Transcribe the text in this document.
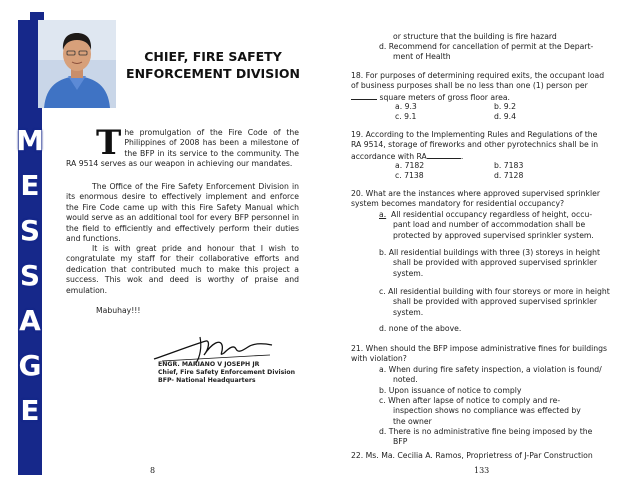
M
E
S
S
A
G
E
CHIEF, FIRE SAFETY
ENFORCEMENT DIVISION
T he promulgation of the Fire Code of the Philippines of 2008 has been a milestone of the BFP in its service to the community. The RA 9514 serves as our weapon in achieving our mandates.
The Office of the Fire Safety Enforcement Division in its enormous desire to effectively implement and enforce the Fire Code came up with this Fire Safety Manual which would serve as an additional tool for every BFP personnel in the field to efficiently and effectively perform their duties and functions.
It is with great pride and honour that I wish to congratulate my staff for their collaborative efforts and dedication that contributed much to make this project a success. This wok and deed is worthy of praise and emulation.
Mabuhay!!!
ENGR. MARIANO V JOSEPH JR
Chief, Fire Safety Enforcement Division
BFP- National Headquarters
8
or structure that the building is fire hazard
d. Recommend for cancellation of permit at the Depart-
ment of Health
18. For purposes of determining required exits, the occupant load
of business purposes shall be no less than one (1) person per
square meters of gross floor area.
a. 9.3	b. 9.2
c. 9.1	d. 9.4
19. According to the Implementing Rules and Regulations of the
RA 9514, storage of fireworks and other pyrotechnics shall be in
accordance with RA	.
a. 7182	b. 7183
c. 7138	d. 7128
20. What are the instances where approved supervised sprinkler
system becomes mandatory for residential occupancy?
a. All residential occupancy regardless of height, occu-
pant load and number of accommodation shall be
protected by approved supervised sprinkler system.
b. All residential buildings with three (3) storeys in height
shall be provided with approved supervised sprinkler
system.
c. All residential building with four storeys or more in height
shall be provided with approved supervised sprinkler
system.
d. none of the above.
21. When should the BFP impose administrative fines for buildings
with violation?
a. When during fire safety inspection, a violation is found/
noted.
b. Upon issuance of notice to comply
c. When after lapse of notice to comply and re-
inspection shows no compliance was effected by
the owner
d. There is no administrative fine being imposed by the
BFP
22. Ms. Ma. Cecilia A. Ramos, Proprietress of J-Par Construction
133
